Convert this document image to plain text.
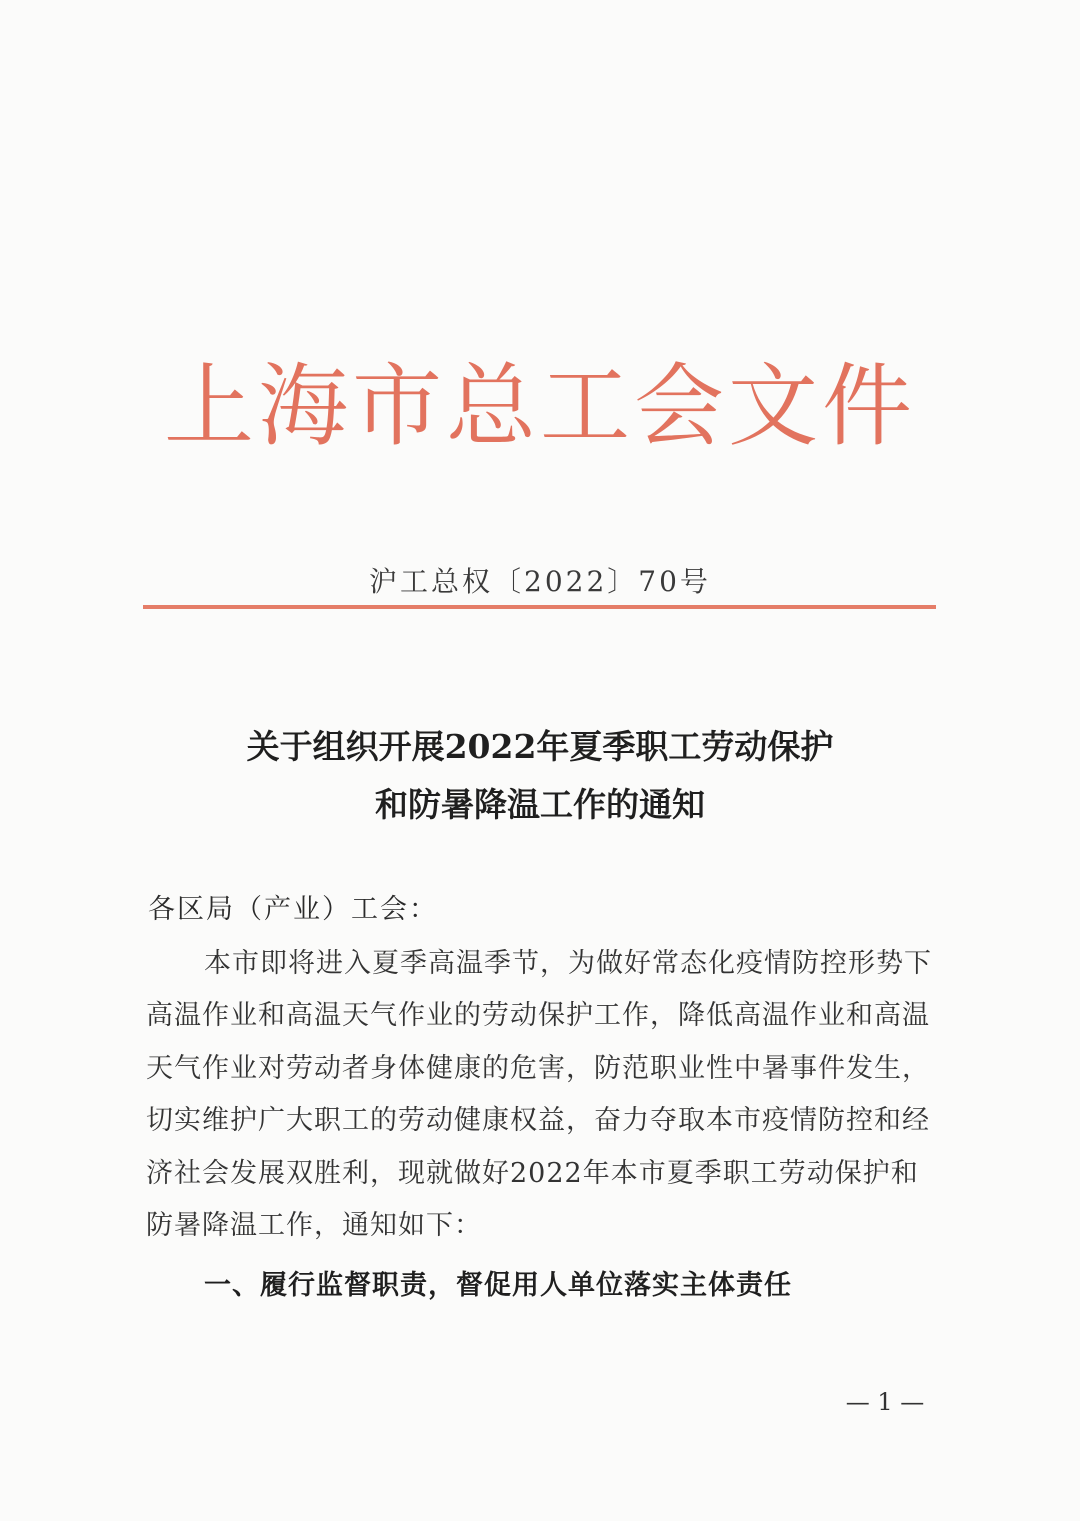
上海市总工会文件
沪工总权〔2022〕70号
关于组织开展2022年夏季职工劳动保护
和防暑降温工作的通知
各区局（产业）工会：
本市即将进入夏季高温季节，为做好常态化疫情防控形势下
高温作业和高温天气作业的劳动保护工作，降低高温作业和高温
天气作业对劳动者身体健康的危害，防范职业性中暑事件发生，
切实维护广大职工的劳动健康权益，奋力夺取本市疫情防控和经
济社会发展双胜利，现就做好2022年本市夏季职工劳动保护和
防暑降温工作，通知如下：
一、履行监督职责，督促用人单位落实主体责任
— 1 —
